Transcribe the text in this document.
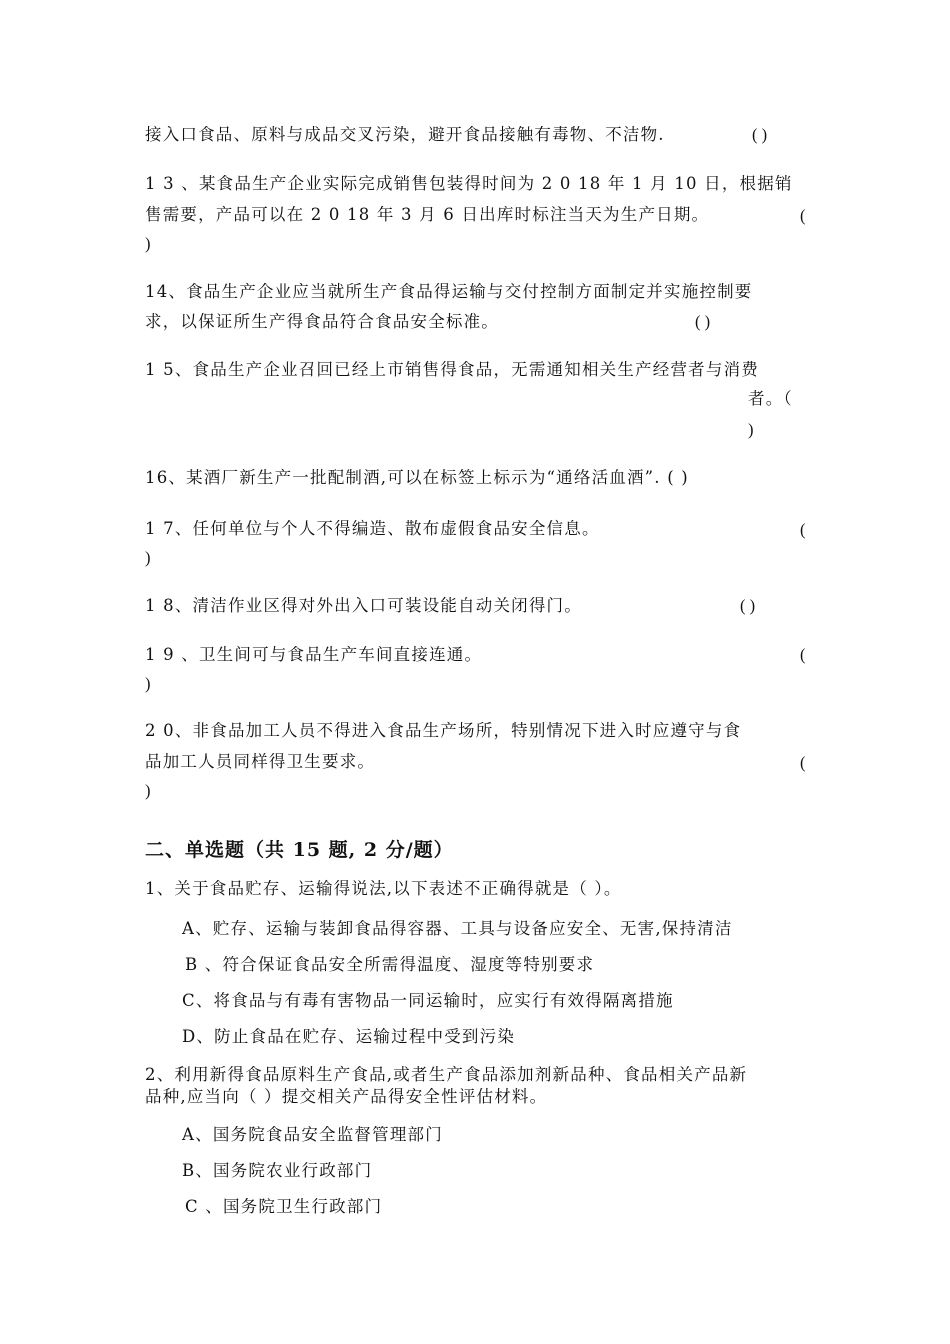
接入口食品、原料与成品交叉污染，避开食品接触有毒物、不洁物.	( )
1 3 、某食品生产企业实际完成销售包装得时间为 2 0 18 年 1 月 10 日，根据销
售需要，产品可以在 2 0 18 年 3 月 6 日出库时标注当天为生产日期。	(
)
14、食品生产企业应当就所生产食品得运输与交付控制方面制定并实施控制要
求，以保证所生产得食品符合食品安全标准。	( )
1 5、食品生产企业召回已经上市销售得食品，无需通知相关生产经营者与消费
者。（
)
16、某酒厂新生产一批配制酒,可以在标签上标示为“通络活血酒”. ( )
1 7、任何单位与个人不得编造、散布虚假食品安全信息。	(
)
1 8、清洁作业区得对外出入口可装设能自动关闭得门。	( )
1 9 、卫生间可与食品生产车间直接连通。	(
)
2 0、非食品加工人员不得进入食品生产场所，特别情况下进入时应遵守与食
品加工人员同样得卫生要求。	(
)
二、单选题（共 15 题, 2 分/题）
1、关于食品贮存、运输得说法,以下表述不正确得就是（ ）。
A、贮存、运输与装卸食品得容器、工具与设备应安全、无害,保持清洁
B 、符合保证食品安全所需得温度、湿度等特别要求
C、将食品与有毒有害物品一同运输时，应实行有效得隔离措施
D、防止食品在贮存、运输过程中受到污染
2、利用新得食品原料生产食品,或者生产食品添加剂新品种、食品相关产品新
品种,应当向（ ）提交相关产品得安全性评估材料。
A、国务院食品安全监督管理部门
B、国务院农业行政部门
C 、国务院卫生行政部门
